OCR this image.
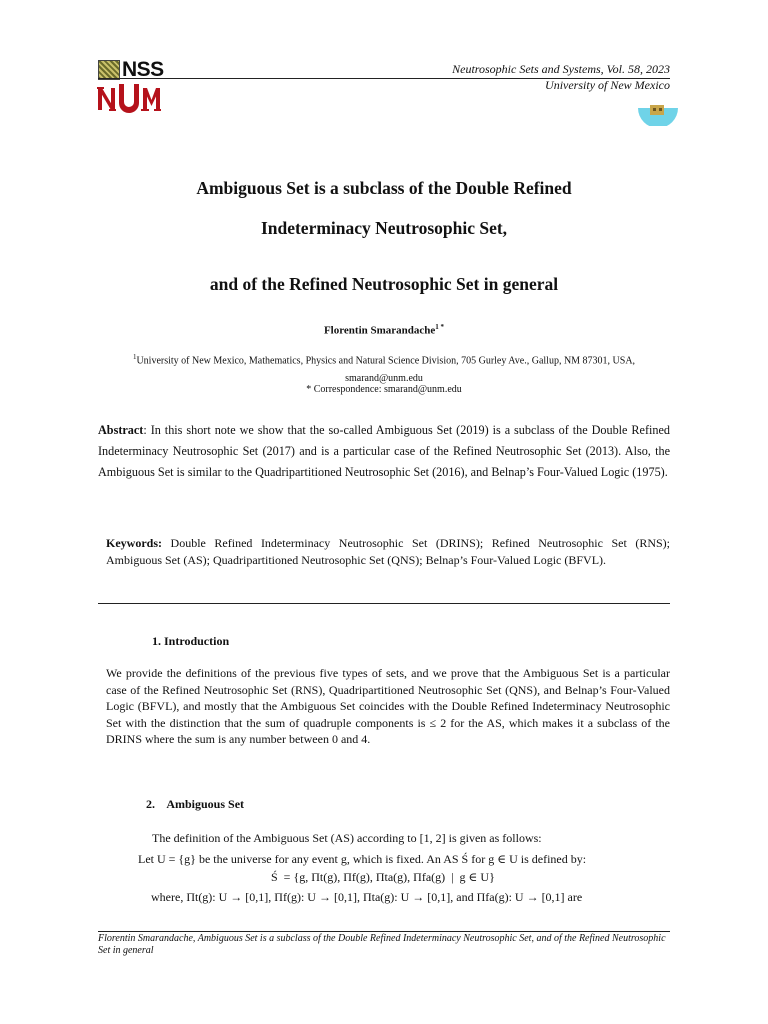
NSS	Neutrosophic Sets and Systems, Vol. 58, 2023
University of New Mexico
Ambiguous Set is a subclass of the Double Refined
Indeterminacy Neutrosophic Set,
and of the Refined Neutrosophic Set in general
Florentin Smarandache$^{1 *}$
$^1$University of New Mexico, Mathematics, Physics and Natural Science Division, 705 Gurley Ave., Gallup, NM 87301, USA,
smarand@unm.edu
* Correspondence: smarand@unm.edu
Abstract: In this short note we show that the so-called Ambiguous Set (2019) is a subclass of the Double Refined Indeterminacy Neutrosophic Set (2017) and is a particular case of the Refined Neutrosophic Set (2013). Also, the Ambiguous Set is similar to the Quadripartitioned Neutrosophic Set (2016), and Belnap’s Four-Valued Logic (1975).
Keywords: Double Refined Indeterminacy Neutrosophic Set (DRINS); Refined Neutrosophic Set (RNS); Ambiguous Set (AS); Quadripartitioned Neutrosophic Set (QNS); Belnap’s Four-Valued Logic (BFVL).
1. Introduction
We provide the definitions of the previous five types of sets, and we prove that the Ambiguous Set is a particular case of the Refined Neutrosophic Set (RNS), Quadripartitioned Neutrosophic Set (QNS), and Belnap’s Four-Valued Logic (BFVL), and mostly that the Ambiguous Set coincides with the Double Refined Indeterminacy Neutrosophic Set with the distinction that the sum of quadruple components is ≤ 2 for the AS, which makes it a subclass of the DRINS where the sum is any number between 0 and 4.
2.    Ambiguous Set
The definition of the Ambiguous Set (AS) according to [1, 2] is given as follows:
Let U = {g} be the universe for any event g, which is fixed. An AS Ś for g ∈ U is defined by:
Ś  = {g, Πt(g), Πf(g), Πta(g), Πfa(g)  |  g ∈ U}
where, Πt(g): U → [0,1], Πf(g): U → [0,1], Πta(g): U → [0,1], and Πfa(g): U → [0,1] are
Florentin Smarandache, Ambiguous Set is a subclass of the Double Refined Indeterminacy Neutrosophic Set, and of the Refined Neutrosophic Set in general
